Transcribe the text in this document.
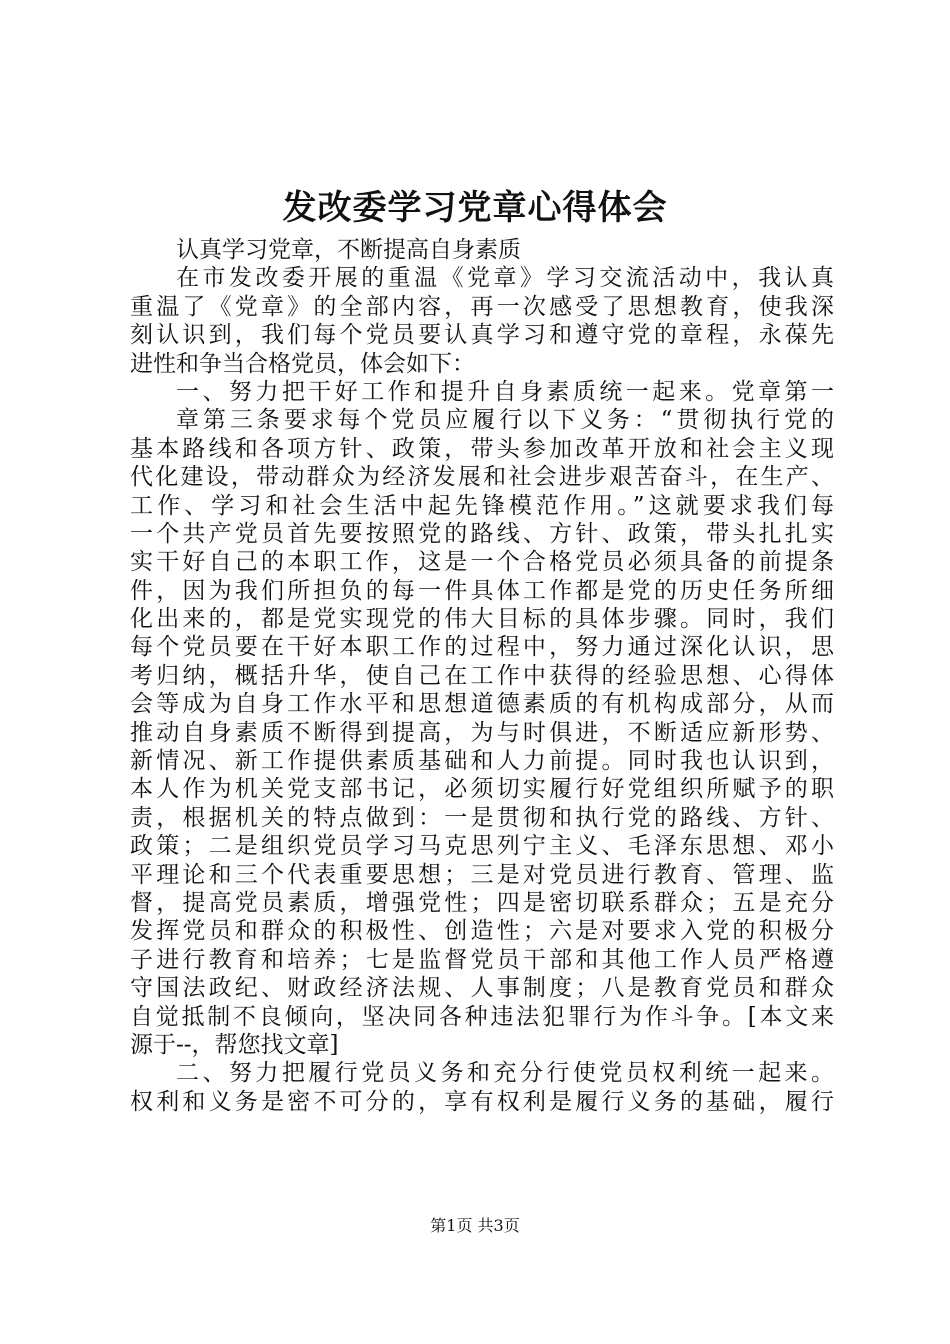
发改委学习党章心得体会
认真学习党章，不断提高自身素质
在市发改委开展的重温《党章》学习交流活动中，我认真
重温了《党章》的全部内容，再一次感受了思想教育，使我深
刻认识到，我们每个党员要认真学习和遵守党的章程，永葆先
进性和争当合格党员，体会如下：
一、努力把干好工作和提升自身素质统一起来。党章第一
章第三条要求每个党员应履行以下义务：“贯彻执行党的
基本路线和各项方针、政策，带头参加改革开放和社会主义现
代化建设，带动群众为经济发展和社会进步艰苦奋斗，在生产、
工作、学习和社会生活中起先锋模范作用。”这就要求我们每
一个共产党员首先要按照党的路线、方针、政策，带头扎扎实
实干好自己的本职工作，这是一个合格党员必须具备的前提条
件，因为我们所担负的每一件具体工作都是党的历史任务所细
化出来的，都是党实现党的伟大目标的具体步骤。同时，我们
每个党员要在干好本职工作的过程中，努力通过深化认识，思
考归纳，概括升华，使自己在工作中获得的经验思想、心得体
会等成为自身工作水平和思想道德素质的有机构成部分，从而
推动自身素质不断得到提高，为与时俱进，不断适应新形势、
新情况、新工作提供素质基础和人力前提。同时我也认识到，
本人作为机关党支部书记，必须切实履行好党组织所赋予的职
责，根据机关的特点做到：一是贯彻和执行党的路线、方针、
政策；二是组织党员学习马克思列宁主义、毛泽东思想、邓小
平理论和三个代表重要思想；三是对党员进行教育、管理、监
督，提高党员素质，增强党性；四是密切联系群众；五是充分
发挥党员和群众的积极性、创造性；六是对要求入党的积极分
子进行教育和培养；七是监督党员干部和其他工作人员严格遵
守国法政纪、财政经济法规、人事制度；八是教育党员和群众
自觉抵制不良倾向，坚决同各种违法犯罪行为作斗争。[本文来
源于--，帮您找文章]
二、努力把履行党员义务和充分行使党员权利统一起来。
权利和义务是密不可分的，享有权利是履行义务的基础，履行
第1页 共3页
